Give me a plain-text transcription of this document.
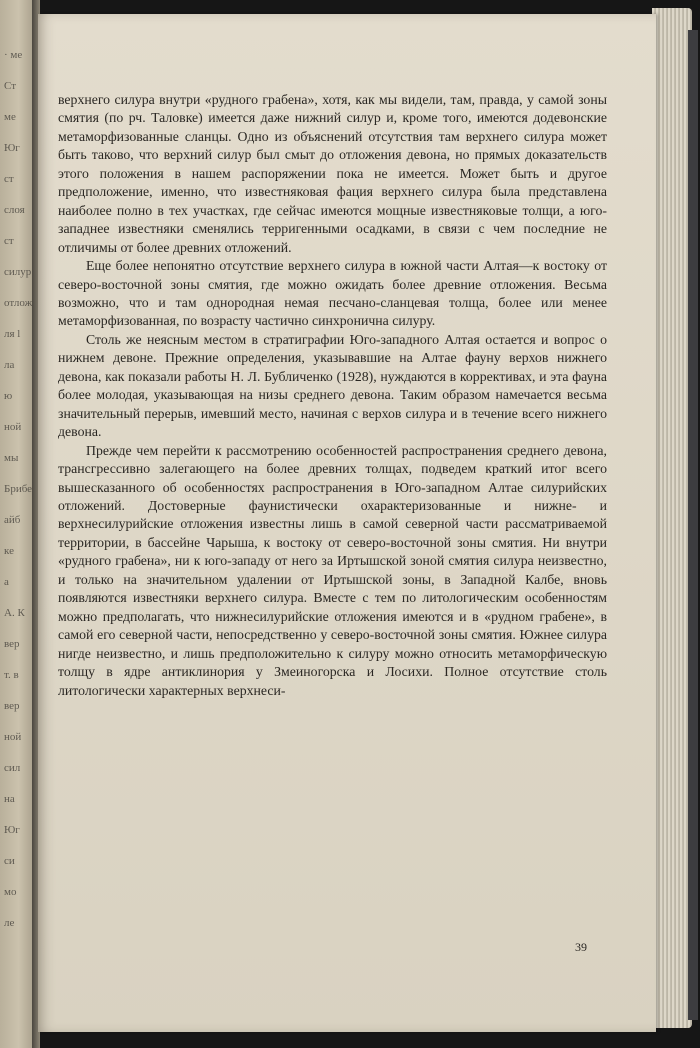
· ме
Ст
ме
Юг
ст
слоя
ст
силур
отлож
ля l
ла
ю
ной
мы
Брибе
айб
ке
а
А. К
вер
т. в
вер
ной
сил
на
Юг
си
мо
ле

верхнего силура внутри «рудного грабена», хотя, как мы видели, там, правда, у самой зоны смятия (по рч. Таловке) имеется даже нижний силур и, кроме того, имеются додевонские метаморфизованные сланцы. Одно из объяснений отсутствия там верхнего силура может быть таково, что верхний силур был смыт до отложения девона, но прямых доказательств этого положения в нашем распоряжении пока не имеется. Может быть и другое предположение, именно, что известняковая фация верхнего силура была представлена наиболее полно в тех участках, где сейчас имеются мощные известняковые толщи, а юго-западнее известняки сменялись терригенными осадками, в связи с чем последние не отличимы от более древних отложений.

Еще более непонятно отсутствие верхнего силура в южной части Алтая—к востоку от северо-восточной зоны смятия, где можно ожидать более древние отложения. Весьма возможно, что и там однородная немая песчано-сланцевая толща, более или менее метаморфизованная, по возрасту частично синхронична силуру.

Столь же неясным местом в стратиграфии Юго-западного Алтая остается и вопрос о нижнем девоне. Прежние определения, указывавшие на Алтае фауну верхов нижнего девона, как показали работы Н. Л. Бубличенко (1928), нуждаются в коррективах, и эта фауна более молодая, указывающая на низы среднего девона. Таким образом намечается весьма значительный перерыв, имевший место, начиная с верхов силура и в течение всего нижнего девона.

Прежде чем перейти к рассмотрению особенностей распространения среднего девона, трансгрессивно залегающего на более древних толщах, подведем краткий итог всего вышесказанного об особенностях распространения в Юго-западном Алтае силурийских отложений. Достоверные фаунистически охарактеризованные и нижне- и верхнесилурийские отложения известны лишь в самой северной части рассматриваемой территории, в бассейне Чарыша, к востоку от северо-восточной зоны смятия. Ни внутри «рудного грабена», ни к юго-западу от него за Иртышской зоной смятия силура неизвестно, и только на значительном удалении от Иртышской зоны, в Западной Калбе, вновь появляются известняки верхнего силура. Вместе с тем по литологическим особенностям можно предполагать, что нижнесилурийские отложения имеются и в «рудном грабене», в самой его северной части, непосредственно у северо-восточной зоны смятия. Южнее силура нигде неизвестно, и лишь предположительно к силуру можно относить метаморфическую толщу в ядре антиклинория у Змеиногорска и Лосихи. Полное отсутствие столь литологически характерных верхнеси-

39
